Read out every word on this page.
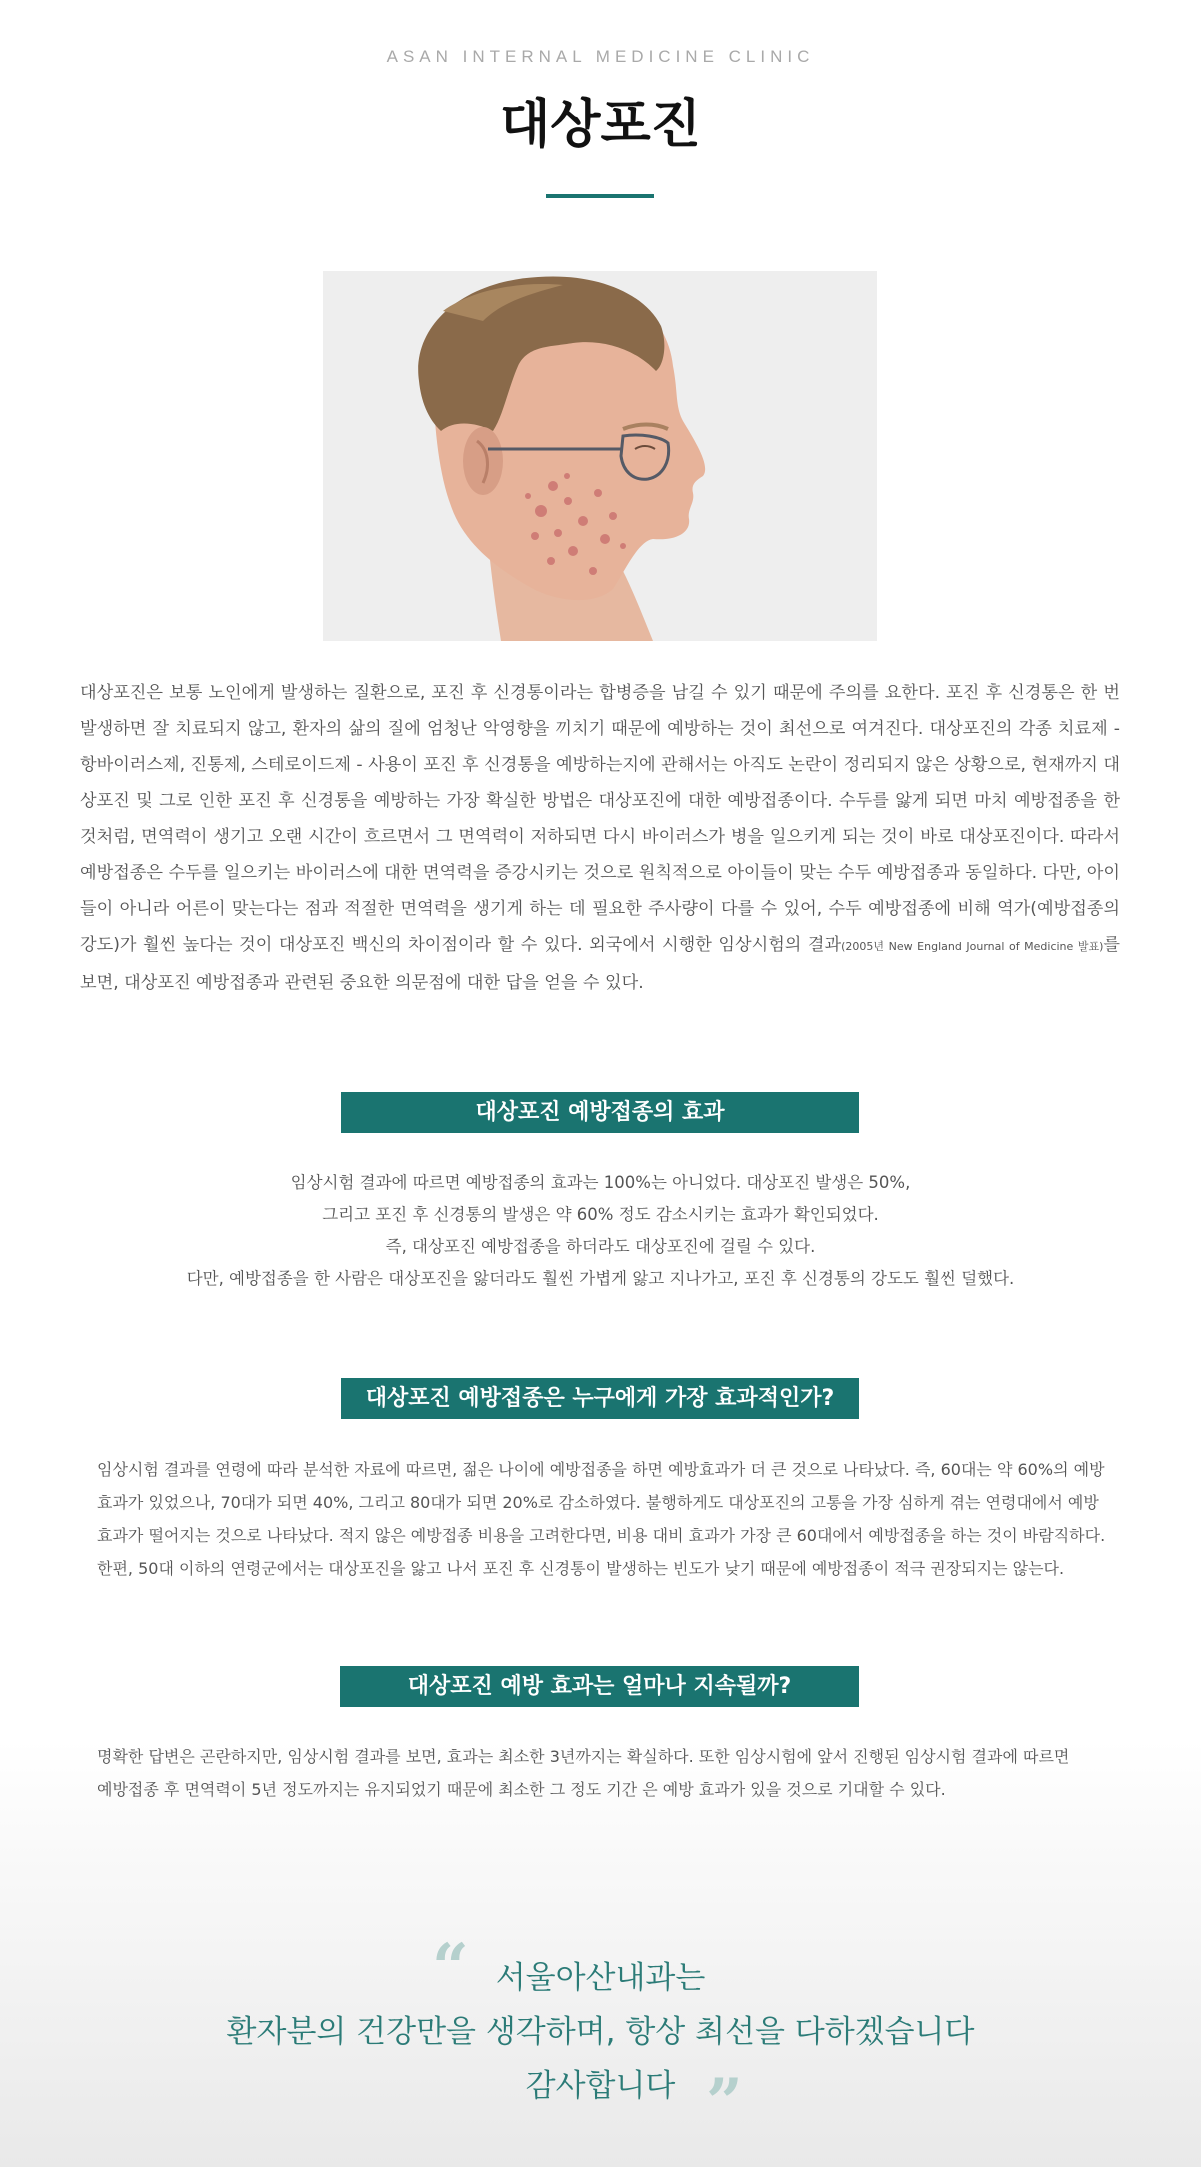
ASAN INTERNAL MEDICINE CLINIC
대상포진

대상포진은 보통 노인에게 발생하는 질환으로, 포진 후 신경통이라는 합병증을 남길 수 있기 때문에 주의를 요한다. 포진 후 신경통은 한 번 발생하면 잘 치료되지 않고, 환자의 삶의 질에 엄청난 악영향을 끼치기 때문에 예방하는 것이 최선으로 여겨진다. 대상포진의 각종 치료제 - 항바이러스제, 진통제, 스테로이드제 - 사용이 포진 후 신경통을 예방하는지에 관해서는 아직도 논란이 정리되지 않은 상황으로, 현재까지 대상포진 및 그로 인한 포진 후 신경통을 예방하는 가장 확실한 방법은 대상포진에 대한 예방접종이다. 수두를 앓게 되면 마치 예방접종을 한 것처럼, 면역력이 생기고 오랜 시간이 흐르면서 그 면역력이 저하되면 다시 바이러스가 병을 일으키게 되는 것이 바로 대상포진이다. 따라서 예방접종은 수두를 일으키는 바이러스에 대한 면역력을 증강시키는 것으로 원칙적으로 아이들이 맞는 수두 예방접종과 동일하다. 다만, 아이들이 아니라 어른이 맞는다는 점과 적절한 면역력을 생기게 하는 데 필요한 주사량이 다를 수 있어, 수두 예방접종에 비해 역가(예방접종의 강도)가 훨씬 높다는 것이 대상포진 백신의 차이점이라 할 수 있다. 외국에서 시행한 임상시험의 결과(2005년 New England Journal of Medicine 발표)를 보면, 대상포진 예방접종과 관련된 중요한 의문점에 대한 답을 얻을 수 있다.

대상포진 예방접종의 효과
임상시험 결과에 따르면 예방접종의 효과는 100%는 아니었다. 대상포진 발생은 50%,
그리고 포진 후 신경통의 발생은 약 60% 정도 감소시키는 효과가 확인되었다.
즉, 대상포진 예방접종을 하더라도 대상포진에 걸릴 수 있다.
다만, 예방접종을 한 사람은 대상포진을 앓더라도 훨씬 가볍게 앓고 지나가고, 포진 후 신경통의 강도도 훨씬 덜했다.
대상포진 예방접종은 누구에게 가장 효과적인가?
임상시험 결과를 연령에 따라 분석한 자료에 따르면, 젊은 나이에 예방접종을 하면 예방효과가 더 큰 것으로 나타났다. 즉, 60대는 약 60%의 예방
효과가 있었으나, 70대가 되면 40%, 그리고 80대가 되면 20%로 감소하였다. 불행하게도 대상포진의 고통을 가장 심하게 겪는 연령대에서 예방
효과가 떨어지는 것으로 나타났다. 적지 않은 예방접종 비용을 고려한다면, 비용 대비 효과가 가장 큰 60대에서 예방접종을 하는 것이 바람직하다.
한편, 50대 이하의 연령군에서는 대상포진을 앓고 나서 포진 후 신경통이 발생하는 빈도가 낮기 때문에 예방접종이 적극 권장되지는 않는다.
대상포진 예방 효과는 얼마나 지속될까?
명확한 답변은 곤란하지만, 임상시험 결과를 보면, 효과는 최소한 3년까지는 확실하다. 또한 임상시험에 앞서 진행된 임상시험 결과에 따르면
예방접종 후 면역력이 5년 정도까지는 유지되었기 때문에 최소한 그 정도 기간 은 예방 효과가 있을 것으로 기대할 수 있다.
“
”
서울아산내과는
환자분의 건강만을 생각하며, 항상 최선을 다하겠습니다
감사합니다
